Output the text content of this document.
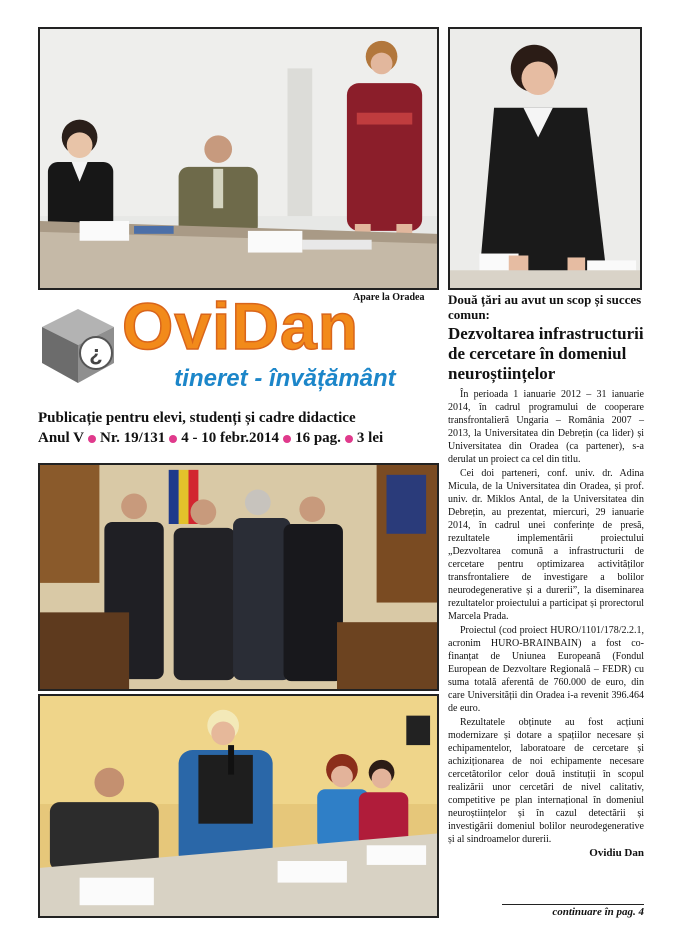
Apare la Oradea
¿ OviDan
tineret - învățământ
Publicație pentru elevi, studenți și cadre didactice
Anul V Nr. 19/131 4 - 10 febr.2014 16 pag. 3 lei
Două țări au avut un scop și succes comun:
Dezvoltarea infrastructurii de cercetare în domeniul neuroștiințelor

În perioada 1 ianuarie 2012 – 31 ianuarie 2014, în cadrul programului de cooperare transfrontalieră Ungaria – România 2007 – 2013, la Universitatea din Debrețin (ca lider) și Universitatea din Oradea (ca partener), s-a derulat un proiect ca cel din titlu.

Cei doi parteneri, conf. univ. dr. Adina Micula, de la Universitatea din Oradea, și prof. univ. dr. Miklos Antal, de la Universitatea din Debrețin, au prezentat, miercuri, 29 ianuarie 2014, în cadrul unei conferințe de presă, rezultatele implementării proiectului „Dezvoltarea comună a infrastructurii de cercetare pentru optimizarea activităților transfrontaliere de investigare a bolilor neurodegenerative și a durerii”, la diseminarea rezultatelor proiectului a participat și prorectorul Marcela Prada.

Proiectul (cod proiect HURO/1101/178/2.2.1, acronim HURO-BRAINBAIN) a fost co-finanțat de Uniunea Europeană (Fondul European de Dezvoltare Regională – FEDR) cu suma totală aferentă de 760.000 de euro, din care Universității din Oradea i-a revenit 396.464 de euro.

Rezultatele obținute au fost acțiuni modernizare și dotare a spațiilor necesare și echipamentelor, laboratoare de cercetare și achiziționarea de noi echipamente necesare cercetătorilor celor două instituții în scopul realizării unor cercetări de nivel calitativ, competitive pe plan internațional în domeniul neuroștiințelor și în cazul detectării și investigării domeniul bolilor neurodegenerative și al sindroamelor durerii.

Ovidiu Dan
continuare în pag. 4
